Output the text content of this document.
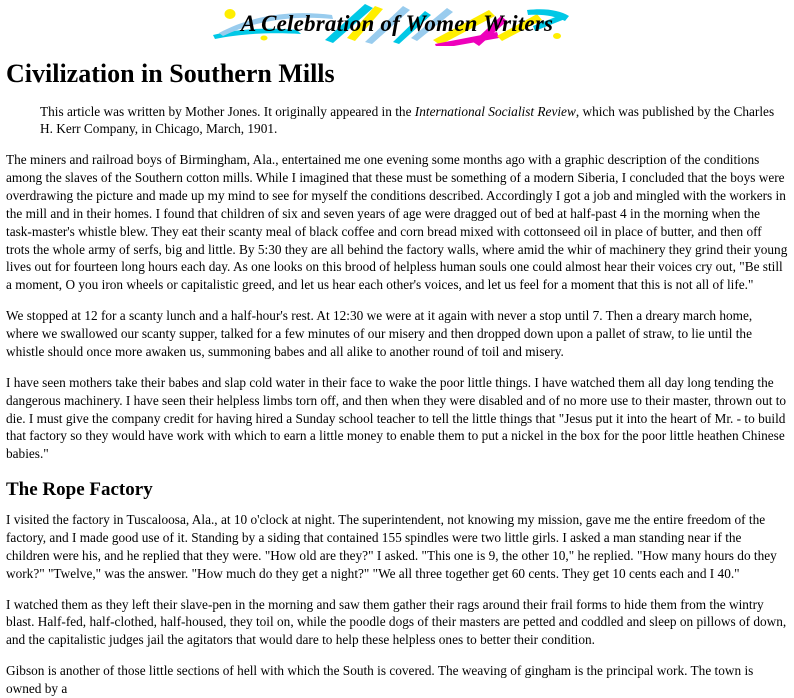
A Celebration of Women Writers
Civilization in Southern Mills
This article was written by Mother Jones. It originally appeared in the International Socialist Review, which was published by the Charles H. Kerr Company, in Chicago, March, 1901.

The miners and railroad boys of Birmingham, Ala., entertained me one evening some months ago with a graphic description of the conditions among the slaves of the Southern cotton mills. While I imagined that these must be something of a modern Siberia, I concluded that the boys were overdrawing the picture and made up my mind to see for myself the conditions described. Accordingly I got a job and mingled with the workers in the mill and in their homes. I found that children of six and seven years of age were dragged out of bed at half-past 4 in the morning when the task-master's whistle blew. They eat their scanty meal of black coffee and corn bread mixed with cottonseed oil in place of butter, and then off trots the whole army of serfs, big and little. By 5:30 they are all behind the factory walls, where amid the whir of machinery they grind their young lives out for fourteen long hours each day. As one looks on this brood of helpless human souls one could almost hear their voices cry out, "Be still a moment, O you iron wheels or capitalistic greed, and let us hear each other's voices, and let us feel for a moment that this is not all of life."

We stopped at 12 for a scanty lunch and a half-hour's rest. At 12:30 we were at it again with never a stop until 7. Then a dreary march home, where we swallowed our scanty supper, talked for a few minutes of our misery and then dropped down upon a pallet of straw, to lie until the whistle should once more awaken us, summoning babes and all alike to another round of toil and misery.

I have seen mothers take their babes and slap cold water in their face to wake the poor little things. I have watched them all day long tending the dangerous machinery. I have seen their helpless limbs torn off, and then when they were disabled and of no more use to their master, thrown out to die. I must give the company credit for having hired a Sunday school teacher to tell the little things that "Jesus put it into the heart of Mr. - to build that factory so they would have work with which to earn a little money to enable them to put a nickel in the box for the poor little heathen Chinese babies."

The Rope Factory

I visited the factory in Tuscaloosa, Ala., at 10 o'clock at night. The superintendent, not knowing my mission, gave me the entire freedom of the factory, and I made good use of it. Standing by a siding that contained 155 spindles were two little girls. I asked a man standing near if the children were his, and he replied that they were. "How old are they?" I asked. "This one is 9, the other 10," he replied. "How many hours do they work?" "Twelve," was the answer. "How much do they get a night?" "We all three together get 60 cents. They get 10 cents each and I 40."

I watched them as they left their slave-pen in the morning and saw them gather their rags around their frail forms to hide them from the wintry blast. Half-fed, half-clothed, half-housed, they toil on, while the poodle dogs of their masters are petted and coddled and sleep on pillows of down, and the capitalistic judges jail the agitators that would dare to help these helpless ones to better their condition.

Gibson is another of those little sections of hell with which the South is covered. The weaving of gingham is the principal work. The town is owned by a
